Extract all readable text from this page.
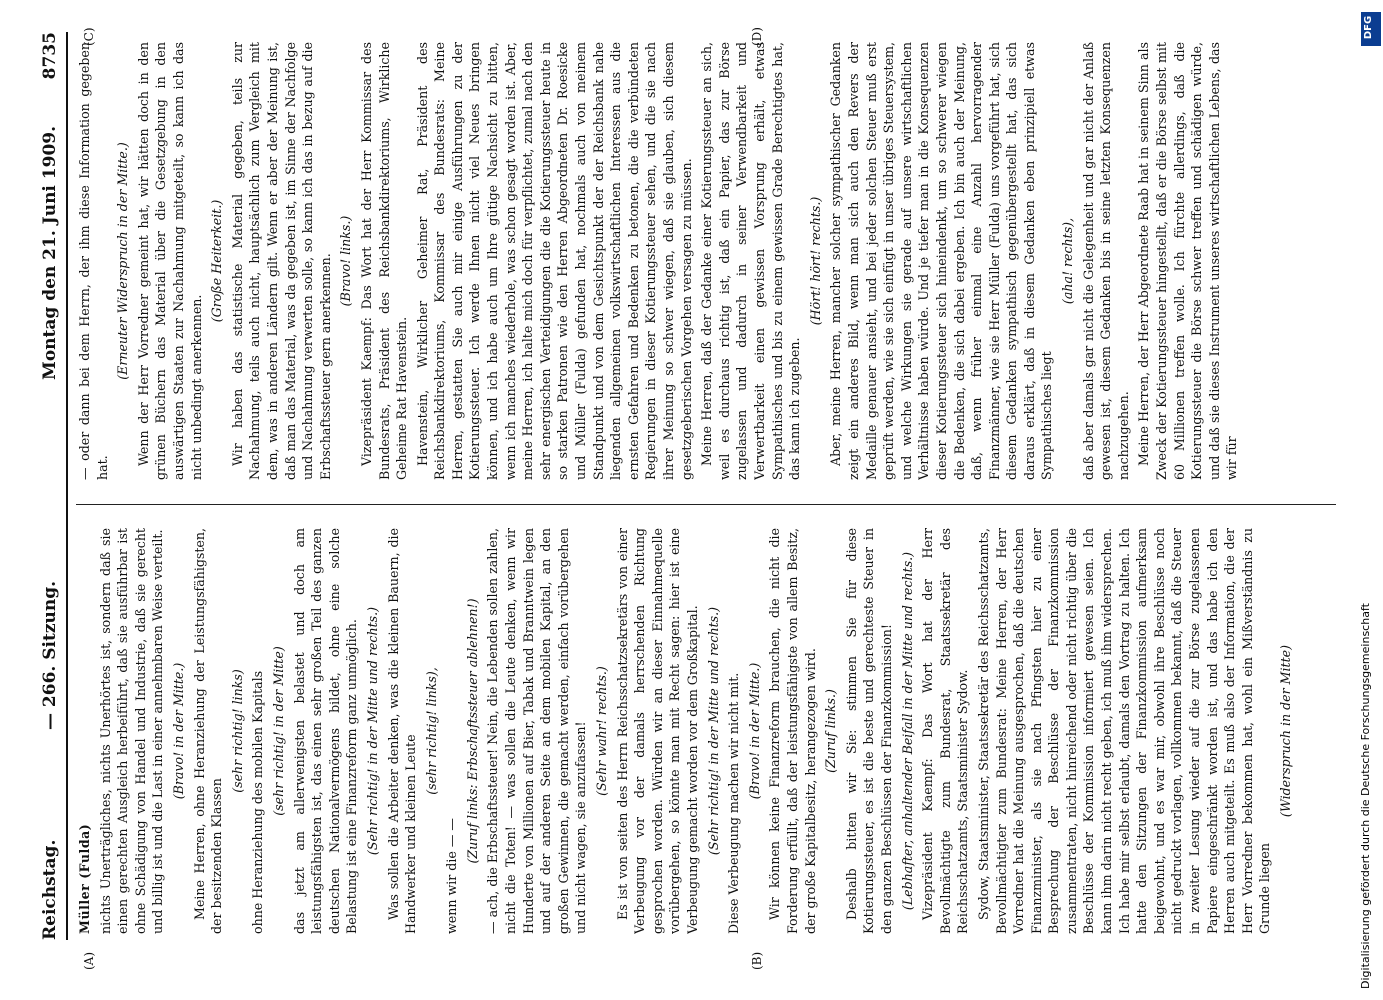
Reichstag.
— 266. Sitzung.
Montag den 21. Juni 1909.
8735
(A)	(B)
(C)	(D)

Müller (Fulda) nichts Unerträgliches, nichts Unerhörtes ist, sondern daß sie einen gerechten Ausgleich herbeiführt, daß sie ausführbar ist ohne Schädigung von Handel und Industrie, daß sie gerecht und billig ist und die Last in einer annehmbaren Weise verteilt. (Bravo! in der Mitte.) Meine Herren, ohne Heranziehung der Leistungsfähigsten, der besitzenden Klassen

(sehr richtig! links) ohne Heranziehung des mobilen Kapitals (sehr richtig! in der Mitte) das jetzt am allerwenigsten belastet und doch am leistungsfähigsten ist, das einen sehr großen Teil des ganzen deutschen Nationalvermögens bildet, ohne eine solche Belastung ist eine Finanzreform ganz unmöglich. (Sehr richtig! in der Mitte und rechts.) Was sollen die Arbeiter denken, was die kleinen Bauern, die Handwerker und kleinen Leute

(sehr richtig! links),

wenn wir die — —

(Zuruf links: Erbschaftssteuer ablehnen!) — ach, die Erbschaftssteuer! Nein, die Lebenden sollen zahlen, nicht die Toten! — was sollen die Leute denken, wenn wir Hunderte von Millionen auf Bier, Tabak und Branntwein legen und auf der anderen Seite an dem mobilen Kapital, an den großen Gewinnen, die gemacht werden, einfach vorübergehen und nicht wagen, sie anzufassen! (Sehr wahr! rechts.) Es ist von seiten des Herrn Reichsschatzsekretärs von einer Verbeugung vor der damals herrschenden Richtung gesprochen worden. Würden wir an dieser Einnahmequelle vorübergehen, so könnte man mit Recht sagen: hier ist eine Verbeugung gemacht worden vor dem Großkapital. (Sehr richtig! in der Mitte und rechts.) Diese Verbeugung machen wir nicht mit. (Bravo! in der Mitte.) Wir können keine Finanzreform brauchen, die nicht die Forderung erfüllt, daß der leistungsfähigste von allem Besitz, der große Kapitalbesitz, herangezogen wird. (Zuruf links.) Deshalb bitten wir Sie: stimmen Sie für diese Kotierungssteuer, es ist die beste und gerechteste Steuer in den ganzen Beschlüssen der Finanzkommission! (Lebhafter, anhaltender Beifall in der Mitte und rechts.) Vizepräsident Kaempf: Das Wort hat der Herr Bevollmächtigte zum Bundesrat, Staatssekretär des Reichsschatzamts, Staatsminister Sydow. Sydow, Staatsminister, Staatssekretär des Reichsschatzamts, Bevollmächtigter zum Bundesrat: Meine Herren, der Herr Vorredner hat die Meinung ausgesprochen, daß die deutschen Finanzminister, als sie nach Pfingsten hier zu einer Besprechung der Beschlüsse der Finanzkommission zusammentraten, nicht hinreichend oder nicht richtig über die Beschlüsse der Kommission informiert gewesen seien. Ich kann ihm darin nicht recht geben, ich muß ihm widersprechen. Ich habe mir selbst erlaubt, damals den Vortrag zu halten. Ich hatte den Sitzungen der Finanzkommission aufmerksam beigewohnt, und es war mir, obwohl ihre Beschlüsse noch nicht gedruckt vorlagen, vollkommen bekannt, daß die Steuer in zweiter Lesung wieder auf die zur Börse zugelassenen Papiere eingeschränkt worden ist, und das habe ich den Herren auch mitgeteilt. Es muß also der Information, die der Herr Vorredner bekommen hat, wohl ein Mißverständnis zu Grunde liegen

(Widerspruch in der Mitte)

— oder dann bei dem Herrn, der ihm diese Information gegeben hat.

(Erneuter Widerspruch in der Mitte.) Wenn der Herr Vorredner gemeint hat, wir hätten doch in den grünen Büchern das Material über die Gesetzgebung in den auswärtigen Staaten zur Nachahmung mitgeteilt, so kann ich das nicht unbedingt anerkennen.

(Große Heiterkeit.) Wir haben das statistische Material gegeben, teils zur Nachahmung, teils auch nicht, hauptsächlich zum Vergleich mit dem, was in anderen Ländern gilt. Wenn er aber der Meinung ist, daß man das Material, was da gegeben ist, im Sinne der Nachfolge und Nachahmung verwerten solle, so kann ich das in bezug auf die Erbschaftssteuer gern anerkennen. (Bravo! links.) Vizepräsident Kaempf: Das Wort hat der Herr Kommissar des Bundesrats, Präsident des Reichsbankdirektoriums, Wirkliche Geheime Rat Havenstein. Havenstein, Wirklicher Geheimer Rat, Präsident des Reichsbankdirektoriums, Kommissar des Bundesrats: Meine Herren, gestatten Sie auch mir einige Ausführungen zu der Kotierungssteuer. Ich werde Ihnen nicht viel Neues bringen können, und ich habe auch um Ihre gütige Nachsicht zu bitten, wenn ich manches wiederhole, was schon gesagt worden ist. Aber, meine Herren, ich halte mich doch für verpflichtet, zumal nach den sehr energischen Verteidigungen die die Kotierungssteuer heute in so starken Patronen wie den Herren Abgeordneten Dr. Roesicke und Müller (Fulda) gefunden hat, nochmals auch von meinem Standpunkt und von dem Gesichtspunkt der der Reichsbank nahe liegenden allgemeinen volkswirtschaftlichen Interessen aus die ernsten Gefahren und Bedenken zu betonen, die die verbündeten Regierungen in dieser Kotierungssteuer sehen, und die sie nach ihrer Meinung so schwer wiegen, daß sie glauben, sich diesem gesetzgeberischen Vorgehen versagen zu müssen. Meine Herren, daß der Gedanke einer Kotierungssteuer an sich, weil es durchaus richtig ist, daß ein Papier, das zur Börse zugelassen und dadurch in seiner Verwendbarkeit und Verwertbarkeit einen gewissen Vorsprung erhält, etwas Sympathisches und bis zu einem gewissen Grade Berechtigtes hat, das kann ich zugeben.

(Hört! hört! rechts.) Aber, meine Herren, mancher solcher sympathischer Gedanken zeigt ein anderes Bild, wenn man sich auch den Revers der Medaille genauer ansieht, und bei jeder solchen Steuer muß erst geprüft werden, wie sie sich einfügt in unser übriges Steuersystem, und welche Wirkungen sie gerade auf unsere wirtschaftlichen Verhältnisse haben würde. Und je tiefer man in die Konsequenzen dieser Kotierungssteuer sich hineindenkt, um so schwerer wiegen die Bedenken, die sich dabei ergeben. Ich bin auch der Meinung, daß, wenn früher einmal eine Anzahl hervorragender Finanzmänner, wie sie Herr Müller (Fulda) uns vorgeführt hat, sich diesem Gedanken sympathisch gegenübergestellt hat, das sich daraus erklärt, daß in diesem Gedanken eben prinzipiell etwas Sympathisches liegt

(aha! rechts), daß aber damals gar nicht die Gelegenheit und gar nicht der Anlaß gewesen ist, diesem Gedanken bis in seine letzten Konsequenzen nachzugehen. Meine Herren, der Herr Abgeordnete Raab hat in seinem Sinn als Zweck der Kotierungssteuer hingestellt, daß er die Börse selbst mit 60 Millionen treffen wolle. Ich fürchte allerdings, daß die Kotierungssteuer die Börse schwer treffen und schädigen würde, und daß sie dieses Instrument unseres wirtschaftlichen Lebens, das wir für

DFG
Digitalisierung gefördert durch die Deutsche Forschungsgemeinschaft
